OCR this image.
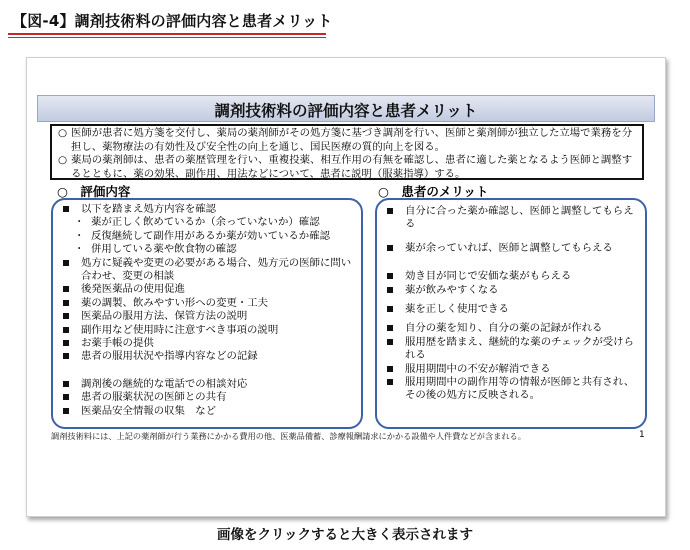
【図-4】調剤技術料の評価内容と患者メリット
調剤技術料の評価内容と患者メリット
○ 医師が患者に処方箋を交付し、薬局の薬剤師がその処方箋に基づき調剤を行い、医師と薬剤師が独立した立場で業務を分担し、薬物療法の有効性及び安全性の向上を通じ、国民医療の質的向上を図る。
○ 薬局の薬剤師は、患者の薬歴管理を行い、重複投薬、相互作用の有無を確認し、患者に適した薬となるよう医師と調整するとともに、薬の効果、副作用、用法などについて、患者に説明（服薬指導）する。
○　評価内容	○　患者のメリット
以下を踏まえ処方内容を確認
・ 薬が正しく飲めているか（余っていないか）確認
・ 反復継続して副作用があるか薬が効いているか確認
・ 併用している薬や飲食物の確認
処方に疑義や変更の必要がある場合、処方元の医師に問い合わせ、変更の相談
後発医薬品の使用促進
薬の調製、飲みやすい形への変更・工夫
医薬品の服用方法、保管方法の説明
副作用など使用時に注意すべき事項の説明
お薬手帳の提供
患者の服用状況や指導内容などの記録
調剤後の継続的な電話での相談対応
患者の服薬状況の医師との共有
医薬品安全情報の収集　など
自分に合った薬か確認し、医師と調整してもらえる
薬が余っていれば、医師と調整してもらえる
効き目が同じで安価な薬がもらえる
薬が飲みやすくなる
薬を正しく使用できる
自分の薬を知り、自分の薬の記録が作れる
服用歴を踏まえ、継続的な薬のチェックが受けられる
服用期間中の不安が解消できる
服用期間中の副作用等の情報が医師と共有され、その後の処方に反映される。
調剤技術料には、上記の薬剤師が行う業務にかかる費用の他、医薬品備蓄、診療報酬請求にかかる設備や人件費などが含まれる。	1
画像をクリックすると大きく表示されます
